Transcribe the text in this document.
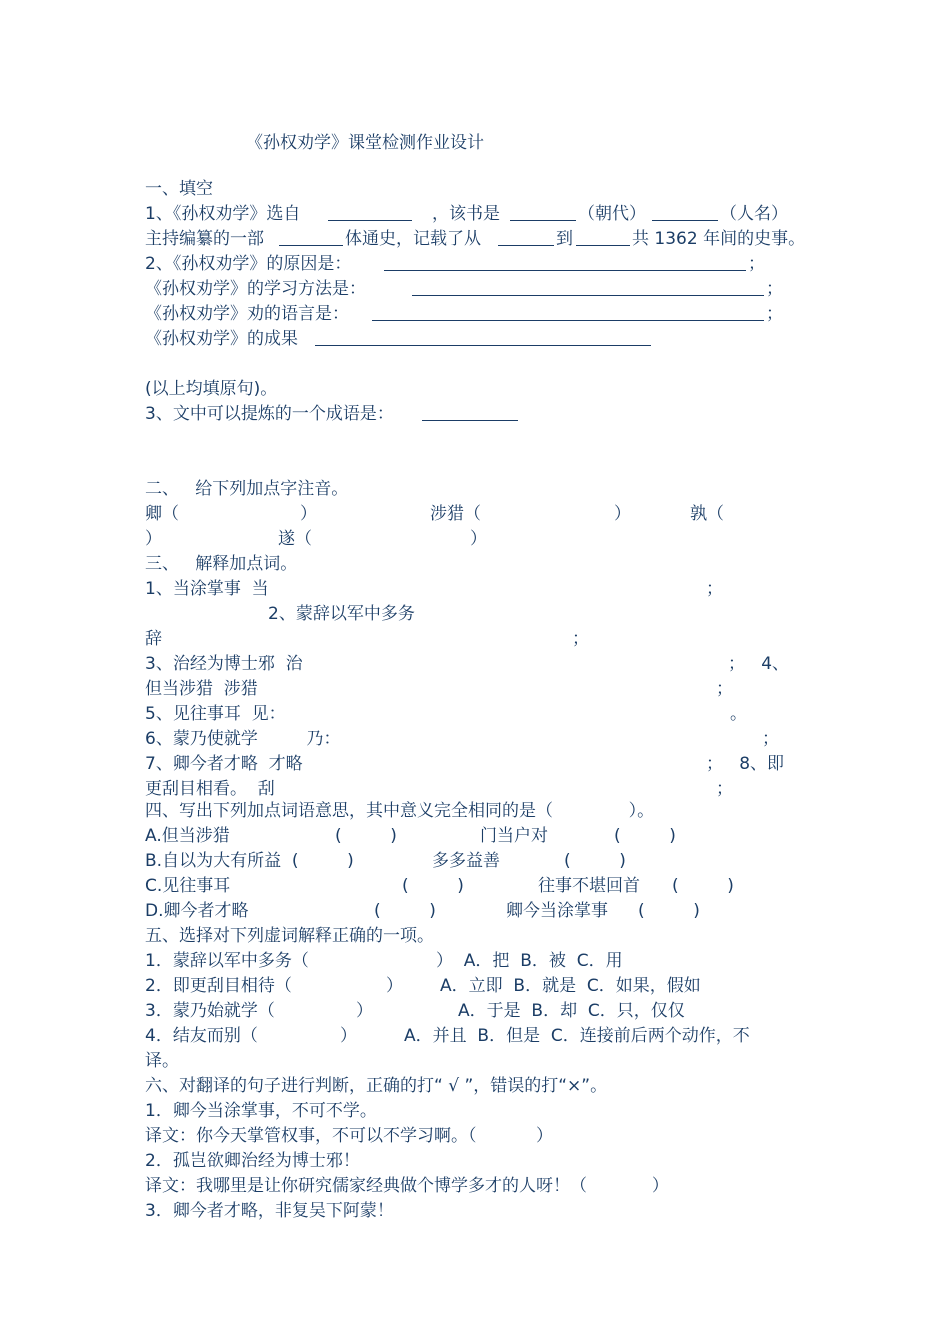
《孙权劝学》课堂检测作业设计
一、填空
1、《孙权劝学》选自	，该书是	（朝代）	（人名）
主持编纂的一部	体通史，记载了从	到	共 1362 年间的史事。
2、《孙权劝学》的原因是：	；
《孙权劝学》的学习方法是：	；
《孙权劝学》劝的语言是：	；
《孙权劝学》的成果
(以上均填原句)。
3、文中可以提炼的一个成语是：
二、   给下列加点字注音。
卿（	）	涉猎（	）	孰（
）	遂（	）
三、   解释加点词。
1、当涂掌事  当	；
2、蒙辞以军中多务
辞	；
3、治经为博士邪  治	；   4、
但当涉猎  涉猎	；
5、见往事耳  见：	。
6、蒙乃使就学         乃：	；
7、卿今者才略  才略	；   8、即
更刮目相看。  刮	；
四、写出下列加点词语意思，其中意义完全相同的是（              ）。
A.但当涉猎	(         )	门当户对	(         )
B.自以为大有所益  (         )	多多益善	(         )
C.见往事耳	(         )	往事不堪回首 (         )
D.卿今者才略	(         )	卿今当涂掌事 (         )
五、选择对下列虚词解释正确的一项。
1．蒙辞以军中多务（	）  A．把  B．被  C．用
2．即更刮目相待（	） A．立即  B．就是  C．如果，假如
3．蒙乃始就学（	）	A．于是  B．却  C．只，仅仅
4．结友而别（	）	A．并且  B．但是  C．连接前后两个动作，不
译。
六、对翻译的句子进行判断，正确的打“ √ ”，错误的打“×”。
1．卿今当涂掌事，不可不学。
译文：你今天掌管权事，不可以不学习啊。（           ）
2．孤岂欲卿治经为博士邪！
译文：我哪里是让你研究儒家经典做个博学多才的人呀！（            ）
3．卿今者才略，非复吴下阿蒙！
